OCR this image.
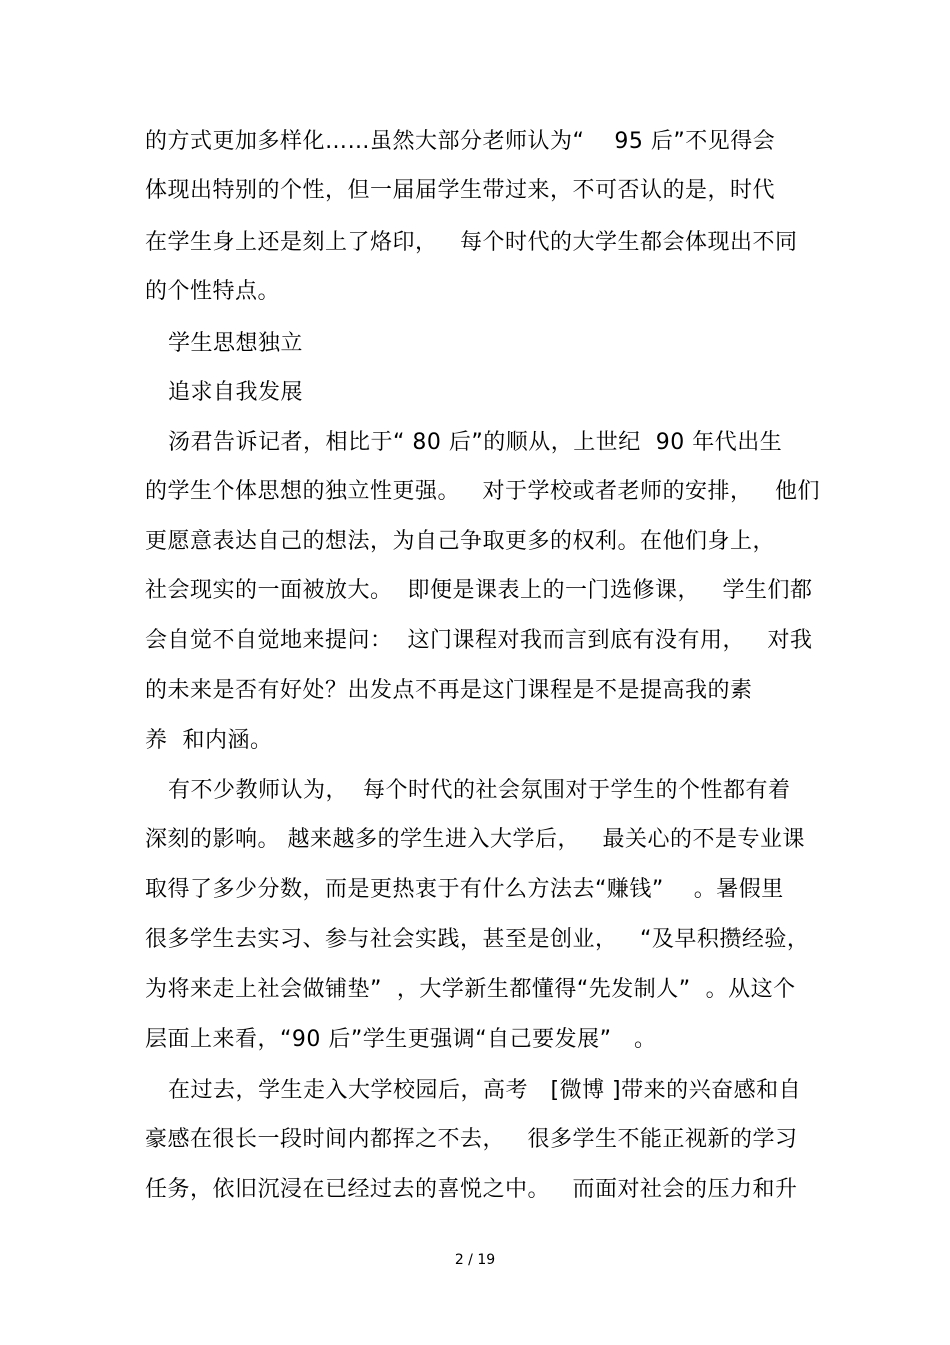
的方式更加多样化……虽然大部分老师认为“    95 后”不见得会
体现出特别的个性，但一届届学生带过来，不可否认的是，时代
在学生身上还是刻上了烙印，   每个时代的大学生都会体现出不同
的个性特点。
学生思想独立
追求自我发展
汤君告诉记者，相比于“ 80 后”的顺从，上世纪  90 年代出生
的学生个体思想的独立性更强。   对于学校或者老师的安排，   他们
更愿意表达自己的想法，为自己争取更多的权利。在他们身上，
社会现实的一面被放大。  即便是课表上的一门选修课，   学生们都
会自觉不自觉地来提问：  这门课程对我而言到底有没有用，   对我
的未来是否有好处？出发点不再是这门课程是不是提高我的素
养  和内涵。
有不少教师认为，  每个时代的社会氛围对于学生的个性都有着
深刻的影响。 越来越多的学生进入大学后，   最关心的不是专业课
取得了多少分数，而是更热衷于有什么方法去“赚钱”    。暑假里
很多学生去实习、参与社会实践，甚至是创业，   “及早积攒经验，
为将来走上社会做铺垫”  ，大学新生都懂得“先发制人”  。从这个
层面上来看，“90 后”学生更强调“自己要发展”   。
在过去，学生走入大学校园后，高考   [微博 ]带来的兴奋感和自
豪感在很长一段时间内都挥之不去，   很多学生不能正视新的学习
任务，依旧沉浸在已经过去的喜悦之中。   而面对社会的压力和升
2 / 19
